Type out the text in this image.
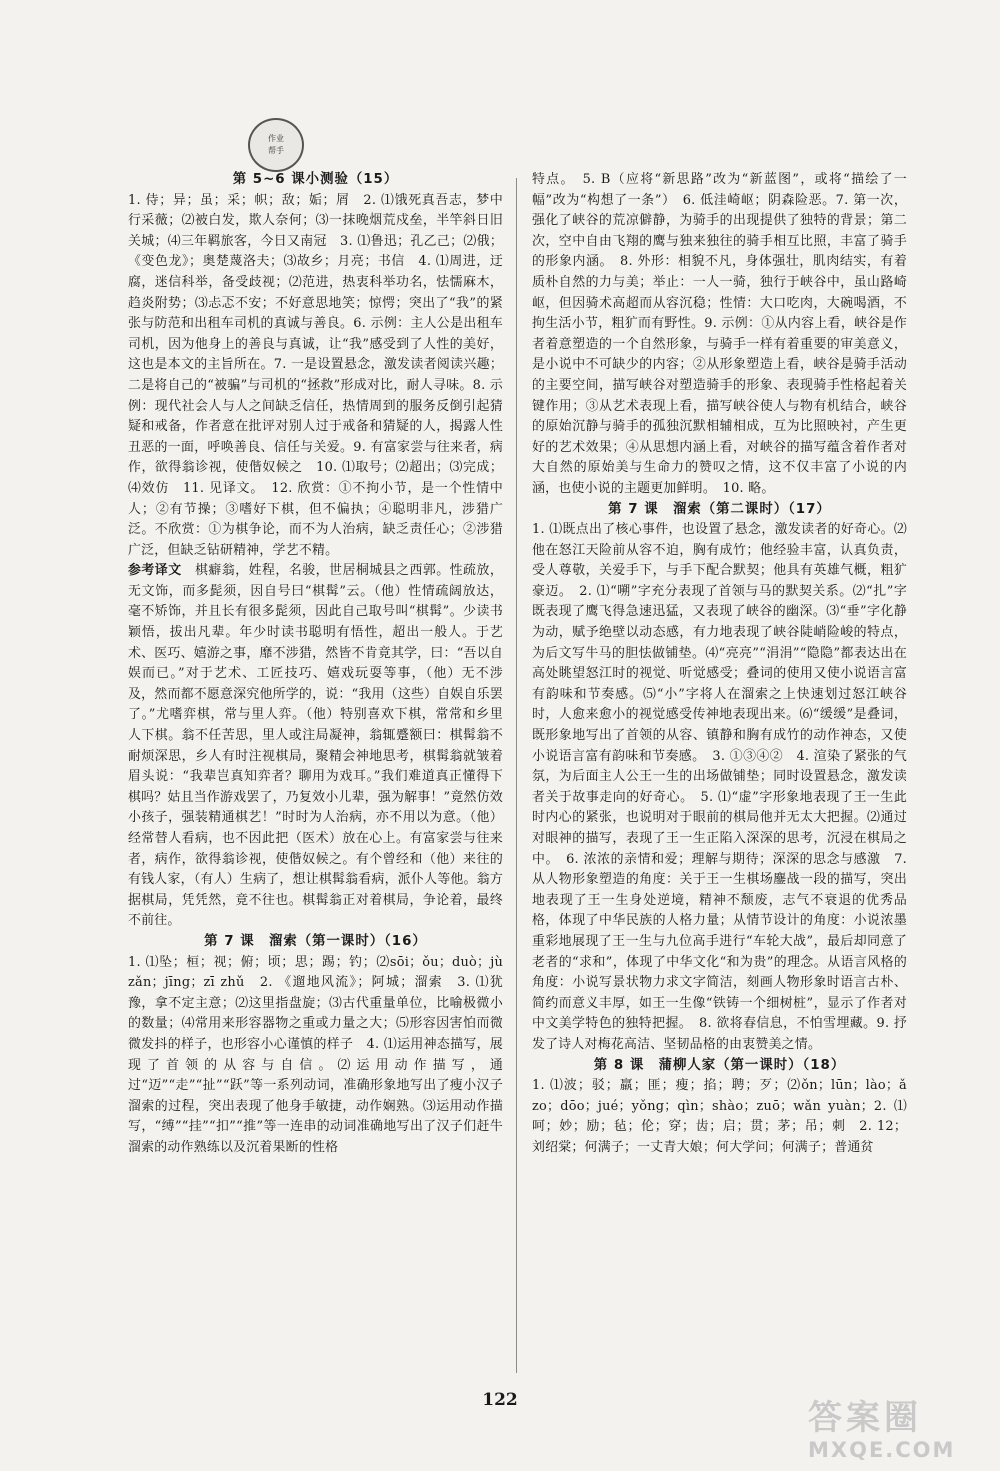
作业
帮手
第 5~6 课小测验（15）

1. 侍；异；虽；采；帜；敌；姤；屑　2. ⑴饿死真吾志，梦中行采薇；⑵被白发，欺人奈何；⑶一抹晚烟荒戍垒，半竿斜日旧关城；⑷三年羁旅客，今日又南冠　3. ⑴鲁迅；孔乙己；⑵俄；《变色龙》；奥楚蔑洛夫；⑶故乡；月亮；书信　4. ⑴周进，迂腐，迷信科举，备受歧视；⑵范进，热衷科举功名，怯懦麻木，趋炎附势；⑶忐忑不安；不好意思地笑；惊愕；突出了“我”的紧张与防范和出租车司机的真诚与善良。6. 示例：主人公是出租车司机，因为他身上的善良与真诚，让“我”感受到了人性的美好，这也是本文的主旨所在。7. 一是设置悬念，激发读者阅读兴趣；二是将自己的“被骗”与司机的“拯救”形成对比，耐人寻味。8. 示例：现代社会人与人之间缺乏信任，热情周到的服务反倒引起猜疑和戒备，作者意在批评对别人过于戒备和猜疑的人，揭露人性丑恶的一面，呼唤善良、信任与关爱。9. 有富家尝与往来者，病作，欲得翁诊视，使偕奴候之　10. ⑴取号；⑵超出；⑶完成；⑷效仿　11. 见译文。　12. 欣赏：①不拘小节，是一个性情中人；②有节操；③嗜好下棋，但不偏执；④聪明非凡，涉猎广泛。不欣赏：①为棋争论，而不为人治病，缺乏责任心；②涉猎广泛，但缺乏钻研精神，学艺不精。

参考译文　 棋癖翁，姓程，名骏，世居桐城县之西郭。性疏放，无文饰，而多髭须，因自号曰“棋髯”云。（他）性情疏阔放达，毫不矫饰，并且长有很多髭须，因此自己取号叫“棋髯”。少读书颖悟，拔出凡辈。年少时读书聪明有悟性，超出一般人。于艺术、医巧、嬉游之事，靡不涉猎，然皆不肯竟其学，曰：“吾以自娱而已。”对于艺术、工匠技巧、嬉戏玩耍等事，（他）无不涉及，然而都不愿意深究他所学的，说：“我用（这些）自娱自乐罢了。”尤嗜弈棋，常与里人弈。（他）特别喜欢下棋，常常和乡里人下棋。翁不任苦思，里人或注局凝神，翁辄蹙额曰：棋髯翁不耐烦深思，乡人有时注视棋局，聚精会神地思考，棋髯翁就皱着眉头说：“我辈岂真知弈者？聊用为戏耳。”我们难道真正懂得下棋吗？姑且当作游戏罢了，乃复效小儿辈，强为解事！”竟然仿效小孩子，强装精通棋艺！”时时为人治病，亦不用以为意。（他）经常替人看病，也不因此把（医术）放在心上。有富家尝与往来者，病作，欲得翁诊视，使偕奴候之。有个曾经和（他）来往的有钱人家，（有人）生病了，想让棋髯翁看病，派仆人等他。翁方据棋局，凭凭然，竟不往也。棋髯翁正对着棋局，争论着，最终不前往。

第 7 课　溜索（第一课时）（16）

1. ⑴坠；桓；视；俯；顷；思；踢；钓；⑵sōi；ǒu；duò；jù zǎn；jīng；zī zhǔ　2. 《遛地风流》；阿城；溜索　3. ⑴犹豫，拿不定主意；⑵这里指盘旋；⑶古代重量单位，比喻极微小的数量；⑷常用来形容器物之重或力量之大；⑸形容因害怕而微微发抖的样子，也形容小心谨慎的样子　4. ⑴运用神态描写，展现了首领的从容与自信。⑵运用动作描写，通过“迈”“走”“扯”“跃”等一系列动词，准确形象地写出了瘦小汉子溜索的过程，突出表现了他身手敏捷，动作娴熟。⑶运用动作描写，“缚”“挂”“扣”“推”等一连串的动词准确地写出了汉子们赶牛溜索的动作熟练以及沉着果断的性格

特点。　5. B（应将“新思路”改为“新蓝图”，或将“描绘了一幅”改为“构想了一条”）　6. 低洼崎岖；阴森险恶。7. 第一次，强化了峡谷的荒凉僻静，为骑手的出现提供了独特的背景；第二次，空中自由飞翔的鹰与独来独往的骑手相互比照，丰富了骑手的形象内涵。　8. 外形：相貌不凡，身体强壮，肌肉结实，有着质朴自然的力与美；举止：一人一骑，独行于峡谷中，虽山路崎岖，但因骑术高超而从容沉稳；性情：大口吃肉，大碗喝酒，不拘生活小节，粗犷而有野性。9. 示例：①从内容上看，峡谷是作者着意塑造的一个自然形象，与骑手一样有着重要的审美意义，是小说中不可缺少的内容；②从形象塑造上看，峡谷是骑手活动的主要空间，描写峡谷对塑造骑手的形象、表现骑手性格起着关键作用；③从艺术表现上看，描写峡谷使人与物有机结合，峡谷的原始沉静与骑手的孤独沉默相辅相成，互为比照映衬，产生更好的艺术效果；④从思想内涵上看，对峡谷的描写蕴含着作者对大自然的原始美与生命力的赞叹之情，这不仅丰富了小说的内涵，也使小说的主题更加鲜明。　10. 略。

第 7 课　溜索（第二课时）（17）

1. ⑴既点出了核心事件，也设置了悬念，激发读者的好奇心。⑵他在怒江天险前从容不迫，胸有成竹；他经验丰富，认真负责，受人尊敬，关爱手下，与手下配合默契；他具有英雄气概，粗犷豪迈。　2. ⑴“嗍”字充分表现了首领与马的默契关系。⑵“扎”字既表现了鹰飞得急速迅猛，又表现了峡谷的幽深。⑶“垂”字化静为动，赋予绝壁以动态感，有力地表现了峡谷陡峭险峻的特点，为后文写牛马的胆怯做铺垫。⑷“亮亮”“涓涓”“隐隐”都表达出在高处眺望怒江时的视觉、听觉感受；叠词的使用又使小说语言富有韵味和节奏感。⑸“小”字将人在溜索之上快速划过怒江峡谷时，人愈来愈小的视觉感受传神地表现出来。⑹“缓缓”是叠词，既形象地写出了首领的从容、镇静和胸有成竹的动作神态，又使小说语言富有韵味和节奏感。　3. ①③④②　4. 渲染了紧张的气氛，为后面主人公王一生的出场做铺垫；同时设置悬念，激发读者关于故事走向的好奇心。　5. ⑴“虚”字形象地表现了王一生此时内心的紧张，也说明对于眼前的棋局他并无太大把握。⑵通过对眼神的描写，表现了王一生正陷入深深的思考，沉浸在棋局之中。　6. 浓浓的亲情和爱；理解与期待；深深的思念与感激　7. 从人物形象塑造的角度：关于王一生棋场鏖战一段的描写，突出地表现了王一生身处逆境，精神不颓废，志气不衰退的优秀品格，体现了中华民族的人格力量；从情节设计的角度：小说浓墨重彩地展现了王一生与九位高手进行“车轮大战”，最后却同意了老者的“求和”，体现了中华文化“和为贵”的理念。从语言风格的角度：小说写景状物力求文字简洁，刻画人物形象时语言古朴、简约而意义丰厚，如王一生像“铁铸一个细树桩”，显示了作者对中文美学特色的独特把握。　8. 欲将春信息，不怕雪埋藏。9. 抒发了诗人对梅花高洁、坚韧品格的由衷赞美之情。

第 8 课　蒲柳人家（第一课时）（18）

1. ⑴波；驳；羸；匪；瘦；掐；聘；歹；⑵ǒn；lūn；lào；ǎ zo；dōo；jué；yǒng；qìn；shào；zuō；wǎn yuàn；2. ⑴呵；妙；励；毡；伦；穿；齿；启；贯；茅；吊；刺　2. 12；刘绍棠；何满子；一丈青大娘；何大学问；何满子；普通贫

122	答案圈
MXQE.COM
